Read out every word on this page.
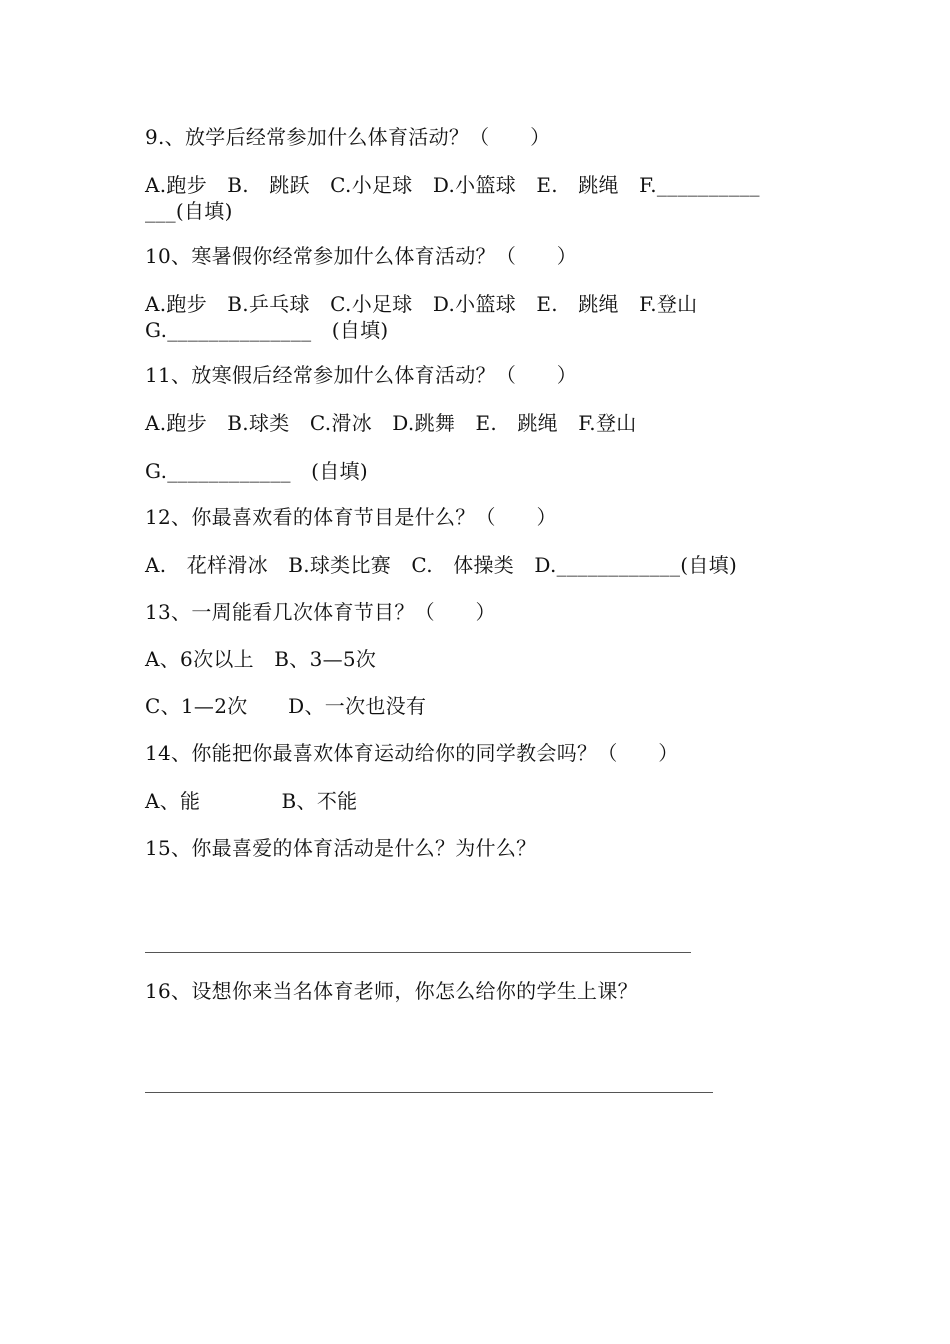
9.、放学后经常参加什么体育活动？（　　）
A.跑步　B.　跳跃　C.小足球　D.小篮球　E.　跳绳　F.__________
___(自填)
10、寒暑假你经常参加什么体育活动？（　　）
A.跑步　B.乒乓球　C.小足球　D.小篮球　E.　跳绳　F.登山
G.______________　(自填)
11、放寒假后经常参加什么体育活动？（　　）
A.跑步　B.球类　C.滑冰　D.跳舞　E.　跳绳　F.登山
G.____________　(自填)
12、你最喜欢看的体育节目是什么？（　　）
A.　花样滑冰　B.球类比赛　C.　体操类　D.____________(自填)
13、一周能看几次体育节目？（　　）
A、6次以上　B、3—5次
C、1—2次　　D、一次也没有
14、你能把你最喜欢体育运动给你的同学教会吗？（　　）
A、能　　　　B、不能
15、你最喜爱的体育活动是什么？为什么？
16、设想你来当名体育老师，你怎么给你的学生上课？
